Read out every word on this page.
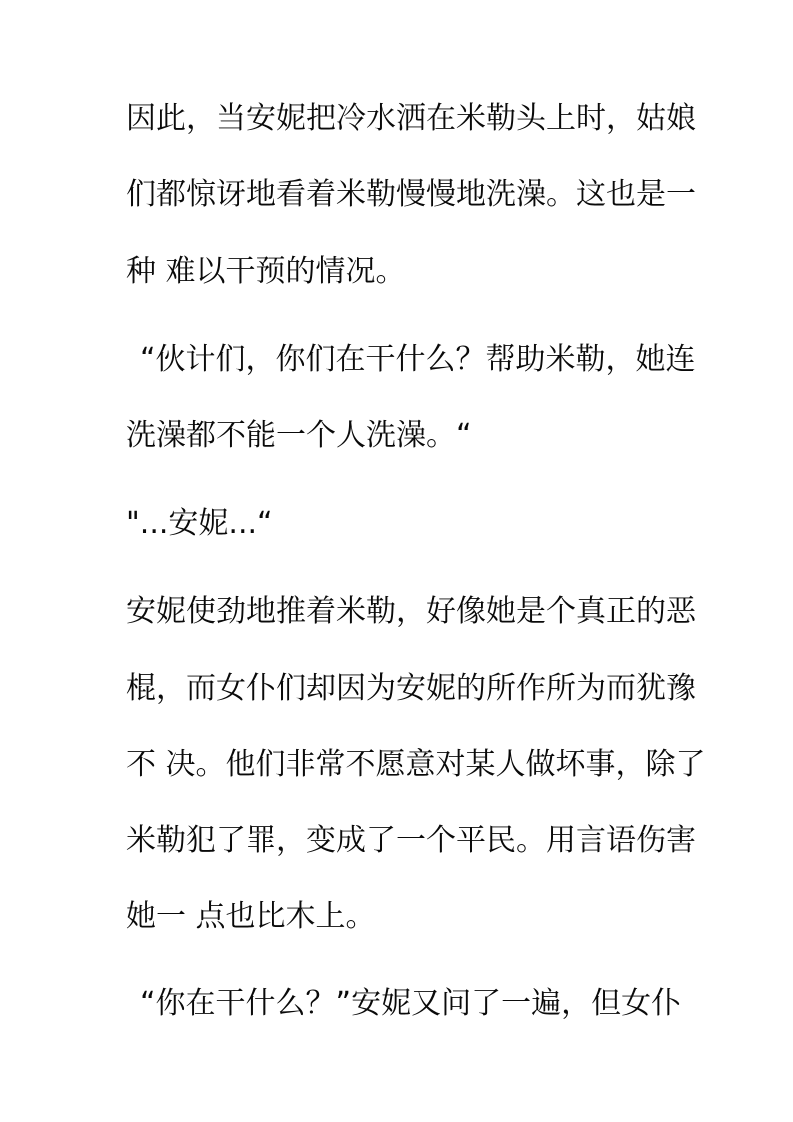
因此，当安妮把冷水洒在米勒头上时，姑娘
们都惊讶地看着米勒慢慢地洗澡。这也是一
种 难以干预的情况。
“伙计们，你们在干什么？帮助米勒，她连
洗澡都不能一个人洗澡。“
"...安妮...“
安妮使劲地推着米勒，好像她是个真正的恶
棍，而女仆们却因为安妮的所作所为而犹豫
不 决。他们非常不愿意对某人做坏事，除了
米勒犯了罪，变成了一个平民。用言语伤害
她一 点也比木上。
“你在干什么？”安妮又问了一遍，但女仆
